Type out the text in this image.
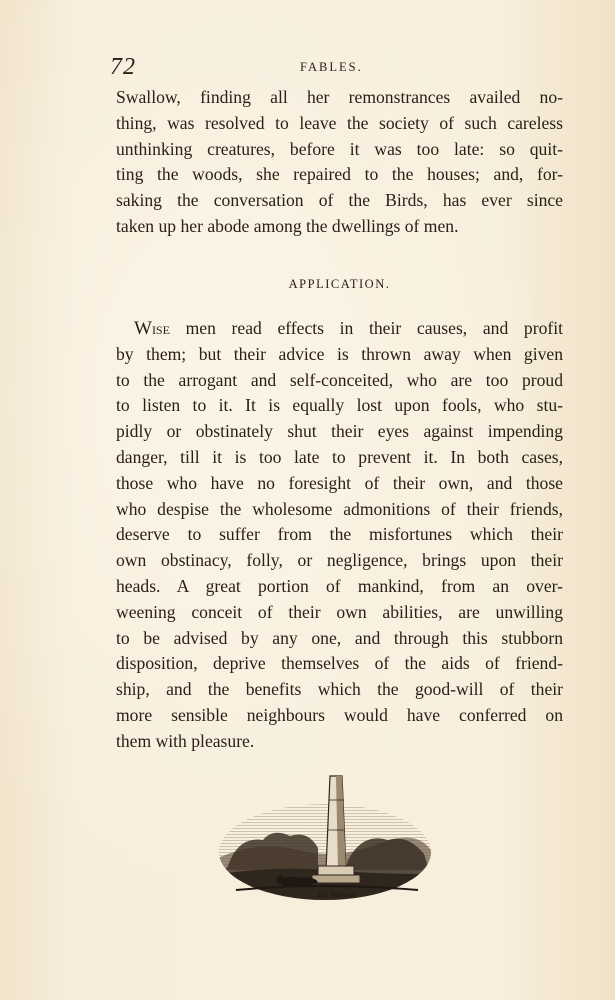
72	FABLES.
Swallow, finding all her remonstrances availed no-
thing, was resolved to leave the society of such careless
unthinking creatures, before it was too late: so quit-
ting the woods, she repaired to the houses; and, for-
saking the conversation of the Birds, has ever since
taken up her abode among the dwellings of men.
APPLICATION.
Wise men read effects in their causes, and profit
by them; but their advice is thrown away when given
to the arrogant and self-conceited, who are too proud
to listen to it. It is equally lost upon fools, who stu-
pidly or obstinately shut their eyes against impending
danger, till it is too late to prevent it. In both cases,
those who have no foresight of their own, and those
who despise the wholesome admonitions of their friends,
deserve to suffer from the misfortunes which their
own obstinacy, folly, or negligence, brings upon their
heads. A great portion of mankind, from an over-
weening conceit of their own abilities, are unwilling
to be advised by any one, and through this stubborn
disposition, deprive themselves of the aids of friend-
ship, and the benefits which the good-will of their
more sensible neighbours would have conferred on
them with pleasure.
Ere Tomfoote
